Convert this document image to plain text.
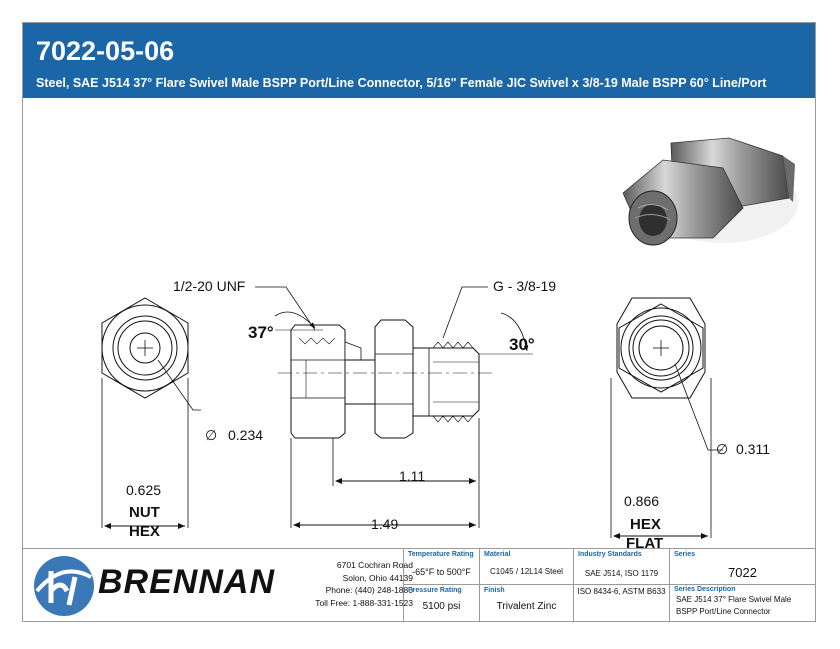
7022-05-06
Steel, SAE J514 37° Flare Swivel Male BSPP Port/Line Connector, 5/16" Female JIC Swivel x 3/8-19 Male BSPP 60° Line/Port
∅ 0.234
0.625
NUT
HEX
∅ 0.311
0.866
HEX
FLAT
1/2-20 UNF	G - 3/8-19
37°
30°
1.11
1.49
BRENNAN	6701 Cochran Road
Solon, Ohio 44139
Phone: (440) 248-1880
Toll Free: 1-888-331-1523
Temperature Rating
-65°F to 500°F
Material
C1045 / 12L14 Steel
Industry Standards
SAE J514, ISO 1179
ISO 8434-6, ASTM B633
Series
7022
Series Description
SAE J514 37° Flare Swivel Male
BSPP Port/Line Connector
Pressure Rating
5100 psi
Finish
Trivalent Zinc
